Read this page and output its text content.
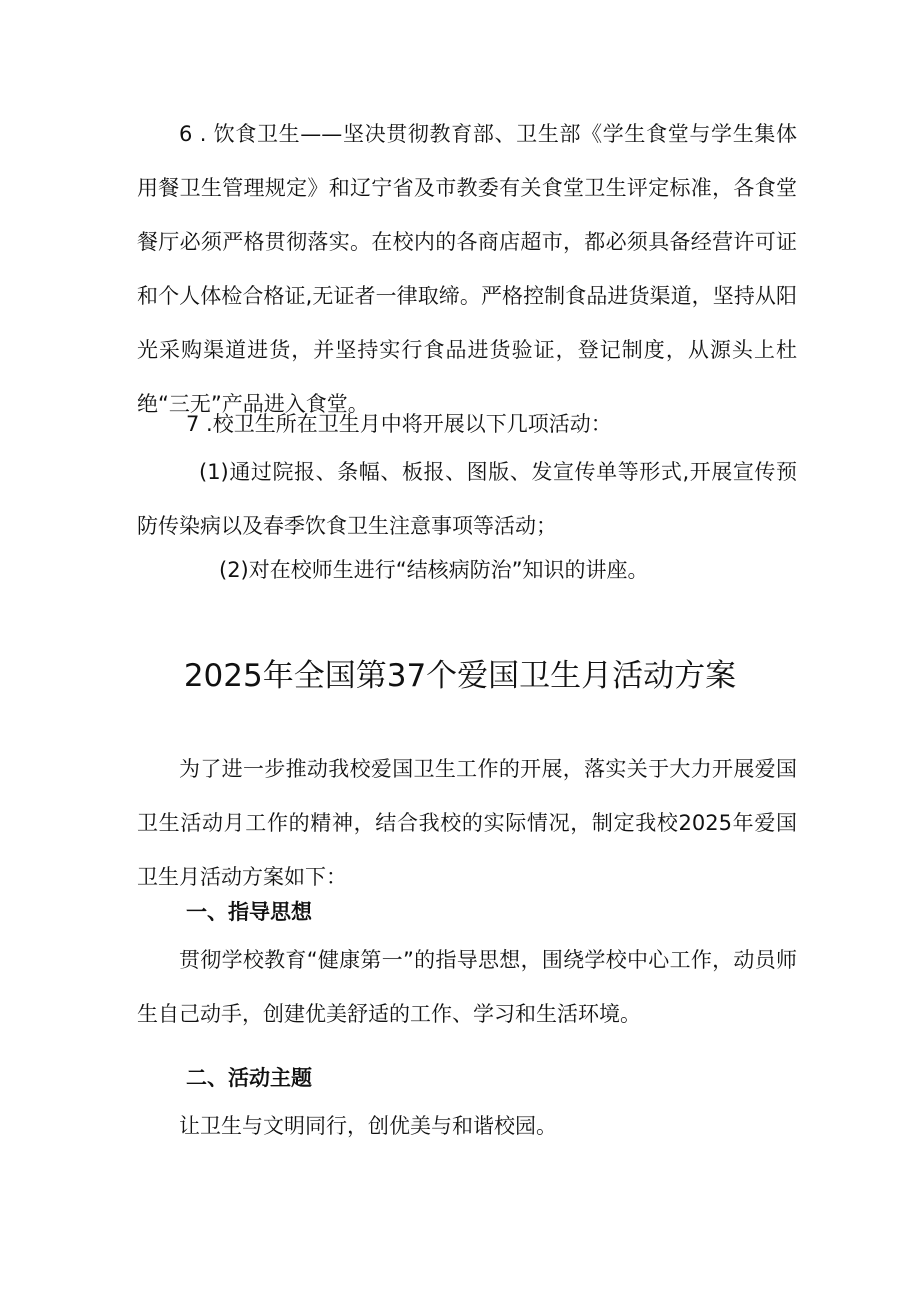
6 . 饮食卫生——坚决贯彻教育部、卫生部《学生食堂与学生集体用餐卫生管理规定》和辽宁省及市教委有关食堂卫生评定标准，各食堂餐厅必须严格贯彻落实。在校内的各商店超市，都必须具备经营许可证和个人体检合格证,无证者一律取缔。严格控制食品进货渠道，坚持从阳光采购渠道进货，并坚持实行食品进货验证，登记制度，从源头上杜绝“三无”产品进入食堂。

7 .校卫生所在卫生月中将开展以下几项活动：

(1)通过院报、条幅、板报、图版、发宣传单等形式,开展宣传预防传染病以及春季饮食卫生注意事项等活动；

(2)对在校师生进行“结核病防治”知识的讲座。

2025年全国第37个爱国卫生月活动方案

为了进一步推动我校爱国卫生工作的开展，落实关于大力开展爱国卫生活动月工作的精神，结合我校的实际情况，制定我校2025年爱国卫生月活动方案如下：

一、指导思想

贯彻学校教育“健康第一”的指导思想，围绕学校中心工作，动员师生自己动手，创建优美舒适的工作、学习和生活环境。

二、活动主题

让卫生与文明同行，创优美与和谐校园。
